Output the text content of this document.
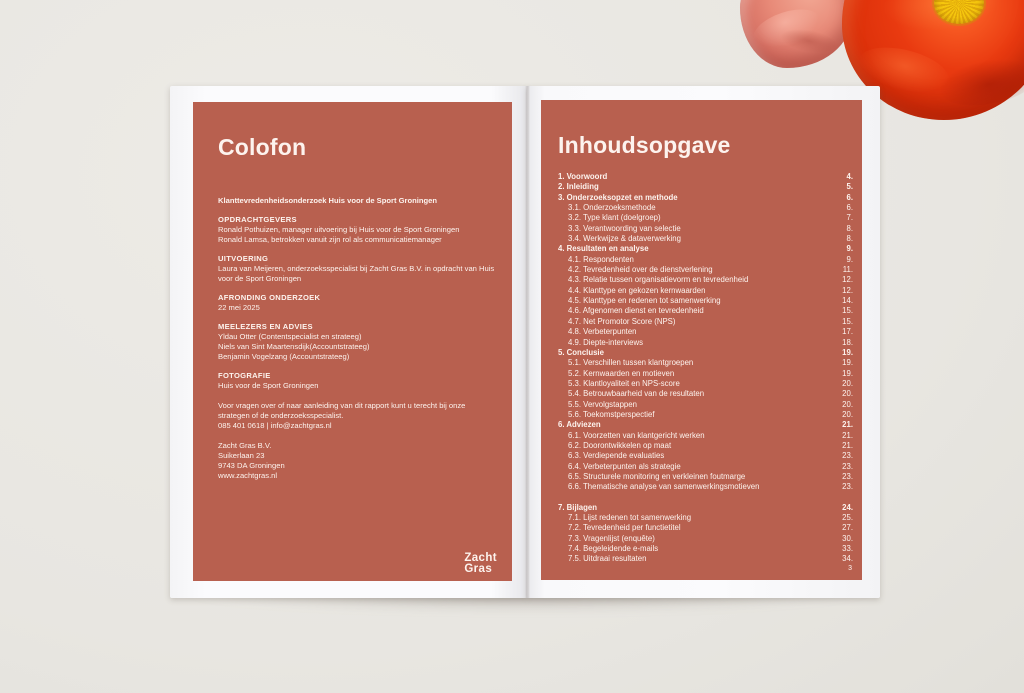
Colofon

Klanttevredenheidsonderzoek Huis voor de Sport Groningen

OPDRACHTGEVERS
Ronald Pothuizen, manager uitvoering bij Huis voor de Sport Groningen
Ronald Lamsa, betrokken vanuit zijn rol als communicatiemanager
UITVOERING
Laura van Meijeren, onderzoeksspecialist bij Zacht Gras B.V. in opdracht van Huis voor de Sport Groningen
AFRONDING ONDERZOEK
22 mei 2025
MEELEZERS EN ADVIES
Yldau Otter (Contentspecialist en strateeg)
Niels van Sint Maartensdijk(Accountstrateeg)
Benjamin Vogelzang (Accountstrateeg)
FOTOGRAFIE
Huis voor de Sport Groningen

Voor vragen over of naar aanleiding van dit rapport kunt u terecht bij onze strategen of de onderzoeksspecialist.

085 401 0618 | info@zachtgras.nl

Zacht Gras B.V.
Suikerlaan 23
9743 DA Groningen
www.zachtgras.nl
Zacht
Gras
Inhoudsopgave
1. Voorwoord	4.
2. Inleiding	5.
3. Onderzoeksopzet en methode	6.
3.1. Onderzoeksmethode	6.
3.2. Type klant (doelgroep)	7.
3.3. Verantwoording van selectie	8.
3.4. Werkwijze & dataverwerking	8.
4. Resultaten en analyse	9.
4.1. Respondenten	9.
4.2. Tevredenheid over de dienstverlening	11.
4.3. Relatie tussen organisatievorm en tevredenheid	12.
4.4. Klanttype en gekozen kernwaarden	12.
4.5. Klanttype en redenen tot samenwerking	14.
4.6. Afgenomen dienst en tevredenheid	15.
4.7. Net Promotor Score (NPS)	15.
4.8. Verbeterpunten	17.
4.9. Diepte-interviews	18.
5. Conclusie	19.
5.1. Verschillen tussen klantgroepen	19.
5.2. Kernwaarden en motieven	19.
5.3. Klantloyaliteit en NPS-score	20.
5.4. Betrouwbaarheid van de resultaten	20.
5.5. Vervolgstappen	20.
5.6. Toekomstperspectief	20.
6. Adviezen	21.
6.1. Voorzetten van klantgericht werken	21.
6.2. Doorontwikkelen op maat	21.
6.3. Verdiepende evaluaties	23.
6.4. Verbeterpunten als strategie	23.
6.5. Structurele monitoring en verkleinen foutmarge	23.
6.6. Thematische analyse van samenwerkingsmotieven	23.
7. Bijlagen	24.
7.1. Lijst redenen tot samenwerking	25.
7.2. Tevredenheid per functietitel	27.
7.3. Vragenlijst (enquête)	30.
7.4. Begeleidende e-mails	33.
7.5. Uitdraai resultaten	34.
3
